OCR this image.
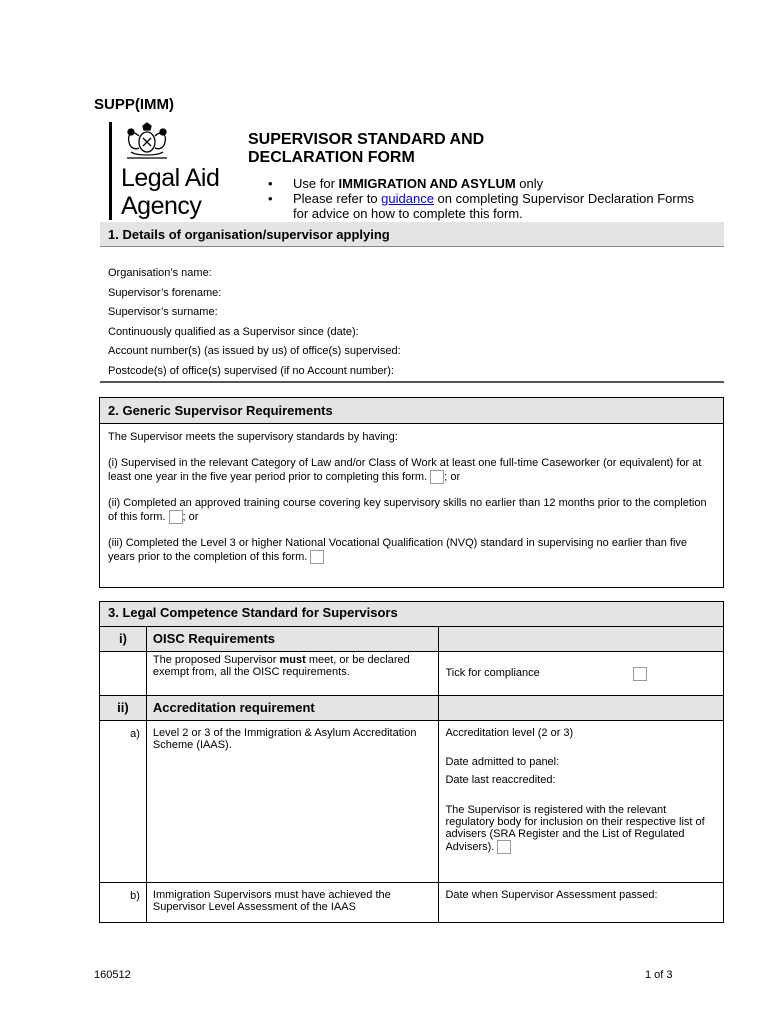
SUPP(IMM)
Legal Aid
Agency
SUPERVISOR STANDARD AND
DECLARATION FORM
• Use for IMMIGRATION AND ASYLUM only
• Please refer to guidance on completing Supervisor Declaration Forms for advice on how to complete this form.
1. Details of organisation/supervisor applying
Organisation’s name:
Supervisor’s forename:
Supervisor’s surname:
Continuously qualified as a Supervisor since (date):
Account number(s) (as issued by us) of office(s) supervised:
Postcode(s) of office(s) supervised (if no Account number):
2. Generic Supervisor Requirements

The Supervisor meets the supervisory standards by having:

(i) Supervised in the relevant Category of Law and/or Class of Work at least one full-time Caseworker (or equivalent) for at least one year in the five year period prior to completing this form. ; or

(ii) Completed an approved training course covering key supervisory skills no earlier than 12 months prior to the completion of this form. ; or

(iii) Completed the Level 3 or higher National Vocational Qualification (NVQ) standard in supervising no earlier than five years prior to the completion of this form.

3. Legal Competence Standard for Supervisors		
i)	OISC Requirements	
	The proposed Supervisor must meet, or be declared exempt from, all the OISC requirements.	Tick for compliance

ii)	Accreditation requirement	
a)	Level 2 or 3 of the Immigration & Asylum Accreditation Scheme (IAAS).	Accreditation level (2 or 3)
Date admitted to panel:
Date last reaccredited:
The Supervisor is registered with the relevant regulatory body for inclusion on their respective list of advisers (SRA Register and the List of Regulated Advisers).

b)	Immigration Supervisors must have achieved the Supervisor Level Assessment of the IAAS	Date when Supervisor Assessment passed:
160512	1 of 3
